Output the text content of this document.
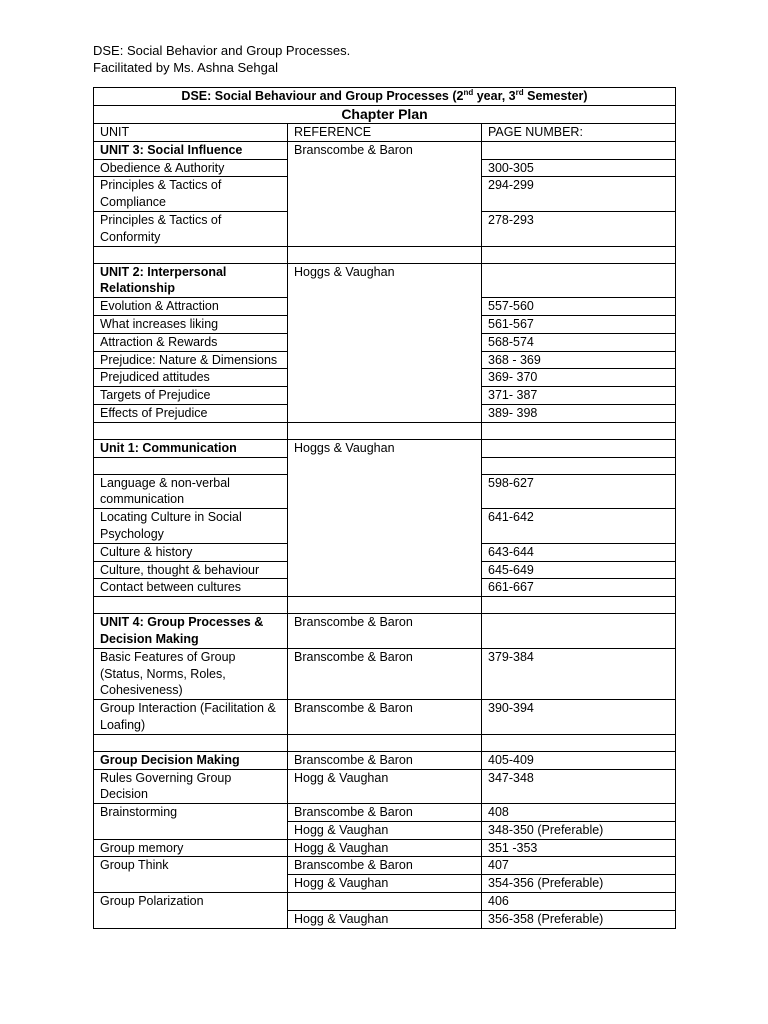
DSE: Social Behavior and Group Processes.
Facilitated by Ms. Ashna Sehgal
DSE: Social Behaviour and Group Processes (2nd year, 3rd Semester)		
Chapter Plan		
UNIT	REFERENCE	PAGE NUMBER:
UNIT 3: Social Influence	Branscombe & Baron	
Obedience & Authority		300-305
Principles & Tactics of Compliance		294-299
Principles & Tactics of Conformity		278-293

UNIT 2: Interpersonal Relationship	Hoggs & Vaughan	
Evolution & Attraction		557-560
What increases liking		561-567
Attraction & Rewards		568-574
Prejudice: Nature & Dimensions		368 - 369
Prejudiced attitudes		369- 370
Targets of Prejudice		371- 387
Effects of Prejudice		389- 398

Unit 1: Communication	Hoggs & Vaughan	

Language & non-verbal communication		598-627
Locating Culture in Social Psychology		641-642
Culture & history		643-644
Culture, thought & behaviour		645-649
Contact between cultures		661-667

UNIT 4: Group Processes & Decision Making	Branscombe & Baron	
Basic Features of Group (Status, Norms, Roles, Cohesiveness)	Branscombe & Baron	379-384
Group Interaction (Facilitation & Loafing)	Branscombe & Baron	390-394

Group Decision Making	Branscombe & Baron	405-409
Rules Governing Group Decision	Hogg & Vaughan	347-348
Brainstorming	Branscombe & Baron	408
	Hogg & Vaughan	348-350 (Preferable)
Group memory	Hogg & Vaughan	351 -353
Group Think	Branscombe & Baron	407
	Hogg & Vaughan	354-356 (Preferable)
Group Polarization		406
	Hogg & Vaughan	356-358 (Preferable)
